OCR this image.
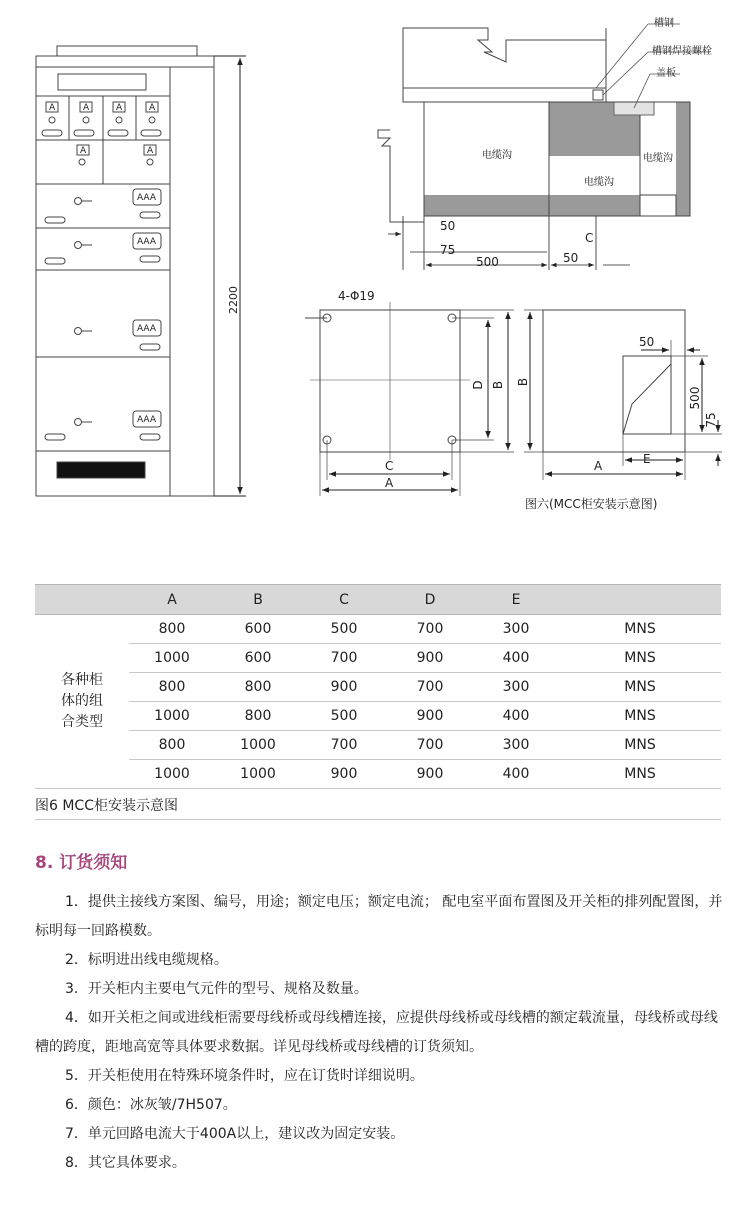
A	A	A	A
A	A
AAA
AAA
AAA
AAA
2200
槽钢
槽钢焊接螺栓
盖板
电缆沟
电缆沟
电缆沟
50
75
500	50
C
4-Φ19
C
A
D B
50
500
75
B
A	E
图六(MCC柜安装示意图)
	A	B	C	D	E	

各种柜
体的组
合类型	800	600	500	700	300	MNS
	1000	600	700	900	400	MNS
	800	800	900	700	300	MNS
	1000	800	500	900	400	MNS
	800	1000	700	700	300	MNS
	1000	1000	900	900	400	MNS
图6 MCC柜安装示意图
8. 订货须知
1．提供主接线方案图、编号，用途；额定电压；额定电流； 配电室平面布置图及开关柜的排列配置图，并标明每一回路模数。
2．标明进出线电缆规格。
3．开关柜内主要电气元件的型号、规格及数量。
4．如开关柜之间或进线柜需要母线桥或母线槽连接，应提供母线桥或母线槽的额定载流量，母线桥或母线槽的跨度，距地高宽等具体要求数据。详见母线桥或母线槽的订货须知。
5．开关柜使用在特殊环境条件时，应在订货时详细说明。
6．颜色：冰灰皱/7H507。
7．单元回路电流大于400A以上，建议改为固定安装。
8．其它具体要求。
